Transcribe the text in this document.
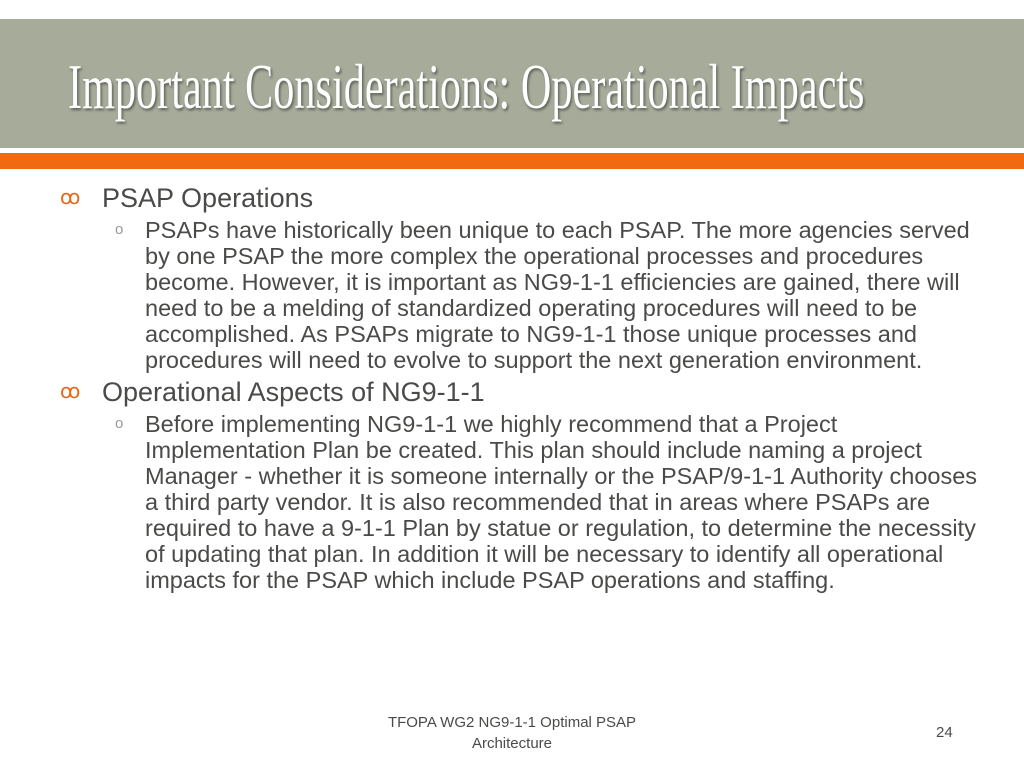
Important Considerations: Operational Impacts
ꝏ PSAP Operations
o PSAPs have historically been unique to each PSAP. The more agencies served by one PSAP the more complex the operational processes and procedures become. However, it is important as NG9-1-1 efficiencies are gained, there will need to be a melding of standardized operating procedures will need to be accomplished. As PSAPs migrate to NG9-1-1 those unique processes and procedures will need to evolve to support the next generation environment.
ꝏ Operational Aspects of NG9-1-1
o Before implementing NG9-1-1 we highly recommend that a Project Implementation Plan be created. This plan should include naming a project Manager - whether it is someone internally or the PSAP/9-1-1 Authority chooses a third party vendor. It is also recommended that in areas where PSAPs are required to have a 9-1-1 Plan by statue or regulation, to determine the necessity of updating that plan. In addition it will be necessary to identify all operational impacts for the PSAP which include PSAP operations and staffing.
TFOPA WG2 NG9-1-1 Optimal PSAP Architecture
24
